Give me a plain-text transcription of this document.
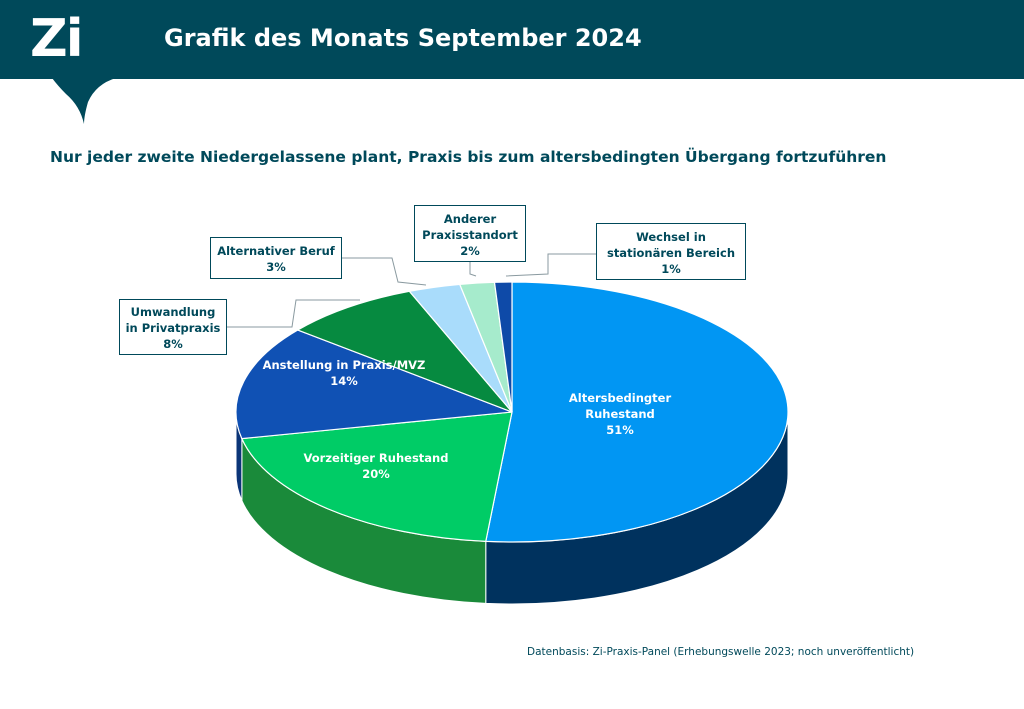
Zi	Grafik des Monats September 2024
Nur jeder zweite Niedergelassene plant, Praxis bis zum altersbedingten Übergang fortzuführen
Altersbedingter Ruhestand 51%
Vorzeitiger Ruhestand 20%
Anstellung in Praxis/MVZ 14%
Umwandlung
in Privatpraxis
8%
Alternativer Beruf
3%
Anderer
Praxisstandort
2%
Wechsel in
stationären Bereich
1%
Datenbasis: Zi-Praxis-Panel (Erhebungswelle 2023; noch unveröffentlicht)
